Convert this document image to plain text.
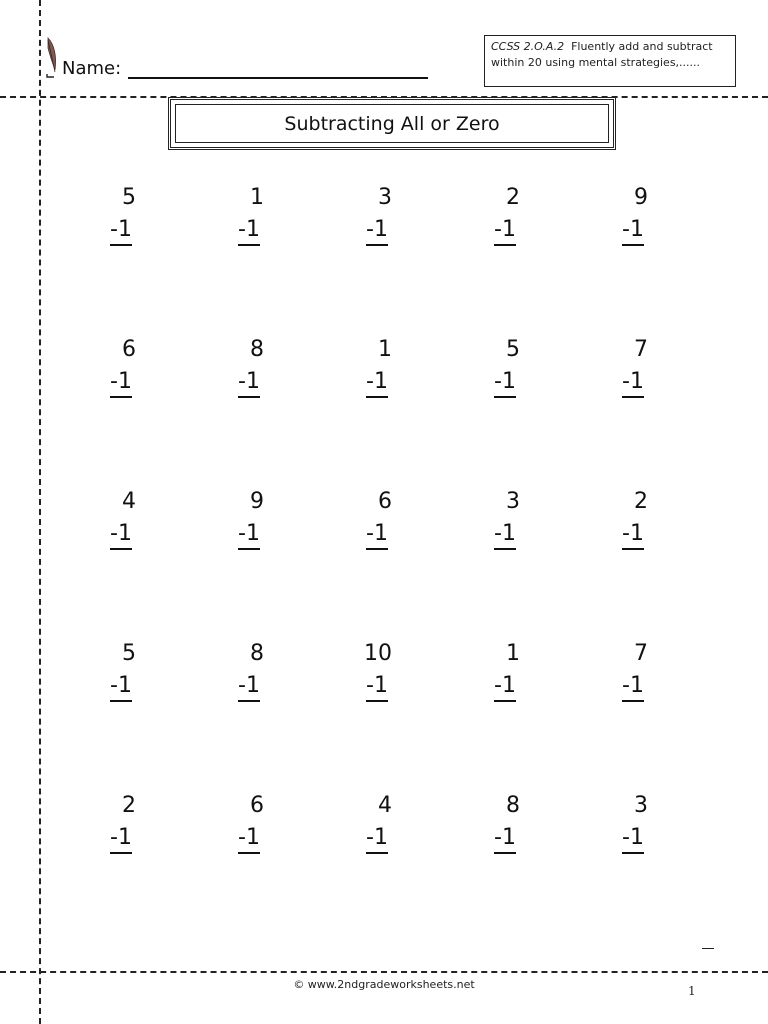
Name:
CCSS 2.O.A.2 Fluently add and subtract within 20 using mental strategies,......
Subtracting All or Zero
5
-1
1
-1
3
-1
2
-1
9
-1
6
-1
8
-1
1
-1
5
-1
7
-1
4
-1
9
-1
6
-1
3
-1
2
-1
5
-1
8
-1
10
-1
1
-1
7
-1
2
-1
6
-1
4
-1
8
-1
3
-1
© www.2ndgradeworksheets.net	1
